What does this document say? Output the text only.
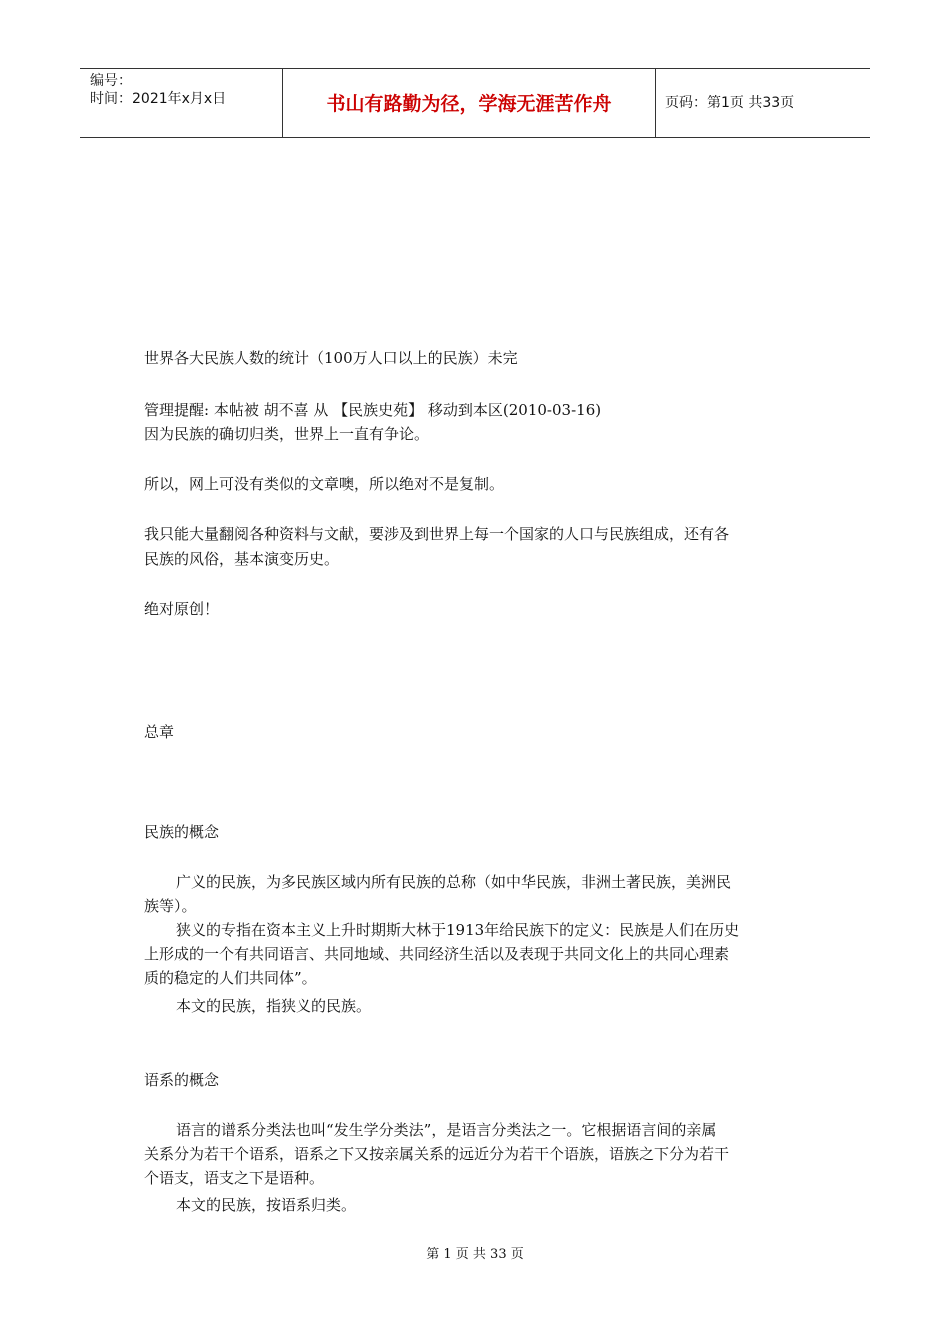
编号：
时间：2021年x月x日	书山有路勤为径，学海无涯苦作舟	页码：第1页 共33页
世界各大民族人数的统计（100万人口以上的民族）未完
管理提醒: 本帖被 胡不喜 从 【民族史苑】 移动到本区(2010-03-16)
因为民族的确切归类，世界上一直有争论。
所以，网上可没有类似的文章噢，所以绝对不是复制。
我只能大量翻阅各种资料与文献，要涉及到世界上每一个国家的人口与民族组成，还有各
民族的风俗，基本演变历史。
绝对原创！
总章
民族的概念
广义的民族，为多民族区域内所有民族的总称（如中华民族，非洲土著民族，美洲民
族等）。
狭义的专指在资本主义上升时期斯大林于1913年给民族下的定义：民族是人们在历史
上形成的一个有共同语言、共同地域、共同经济生活以及表现于共同文化上的共同心理素
质的稳定的人们共同体”。
本文的民族，指狭义的民族。
语系的概念
语言的谱系分类法也叫“发生学分类法”，是语言分类法之一。它根据语言间的亲属
关系分为若干个语系，语系之下又按亲属关系的远近分为若干个语族，语族之下分为若干
个语支，语支之下是语种。
本文的民族，按语系归类。
第 1 页 共 33 页
